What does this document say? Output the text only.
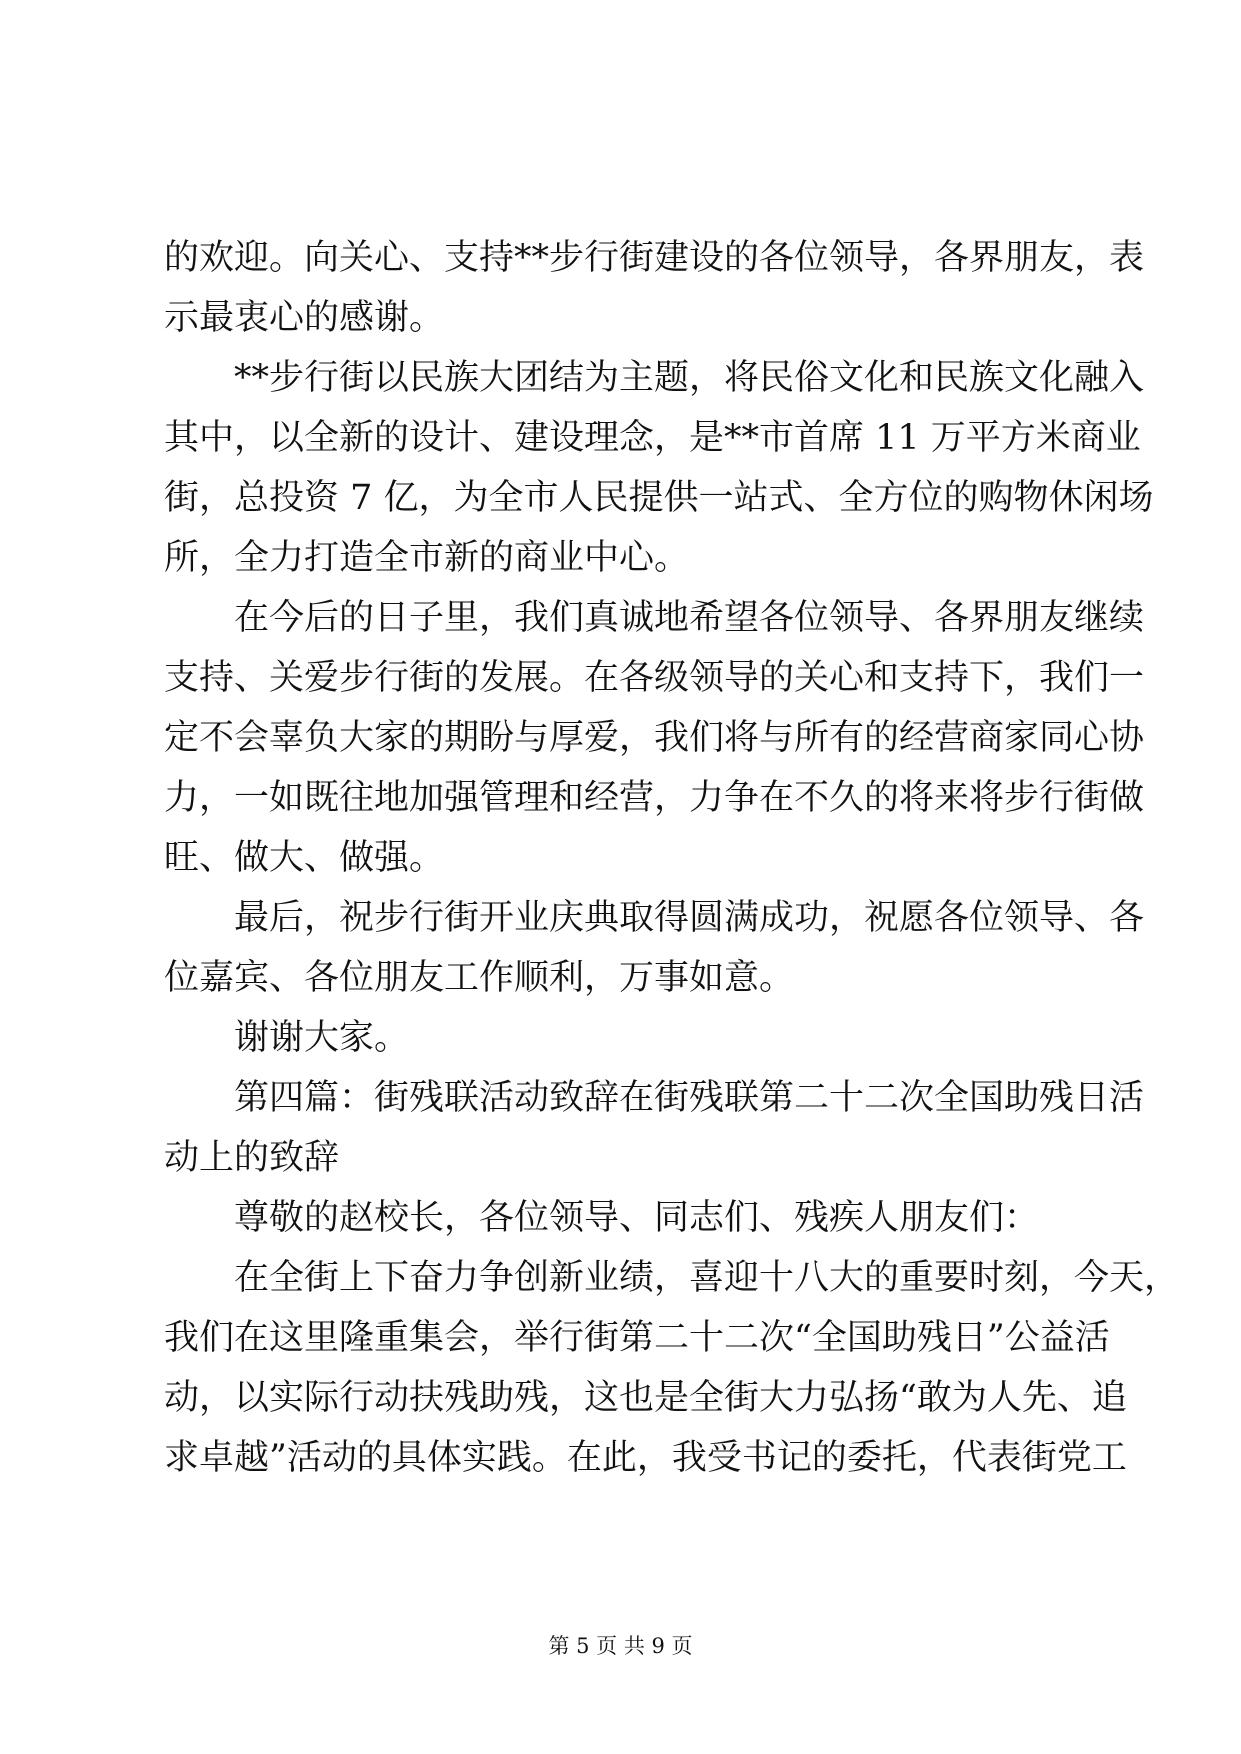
的欢迎。向关心、支持**步行街建设的各位领导，各界朋友，表
示最衷心的感谢。
**步行街以民族大团结为主题，将民俗文化和民族文化融入
其中，以全新的设计、建设理念，是**市首席 11 万平方米商业
街，总投资 7 亿，为全市人民提供一站式、全方位的购物休闲场
所，全力打造全市新的商业中心。
在今后的日子里，我们真诚地希望各位领导、各界朋友继续
支持、关爱步行街的发展。在各级领导的关心和支持下，我们一
定不会辜负大家的期盼与厚爱，我们将与所有的经营商家同心协
力，一如既往地加强管理和经营，力争在不久的将来将步行街做
旺、做大、做强。
最后，祝步行街开业庆典取得圆满成功，祝愿各位领导、各
位嘉宾、各位朋友工作顺利，万事如意。
谢谢大家。
第四篇：街残联活动致辞在街残联第二十二次全国助残日活
动上的致辞
尊敬的赵校长，各位领导、同志们、残疾人朋友们：
在全街上下奋力争创新业绩，喜迎十八大的重要时刻，今天，
我们在这里隆重集会，举行街第二十二次“全国助残日”公益活
动，以实际行动扶残助残，这也是全街大力弘扬“敢为人先、追
求卓越”活动的具体实践。在此，我受书记的委托，代表街党工
第 5 页 共 9 页
